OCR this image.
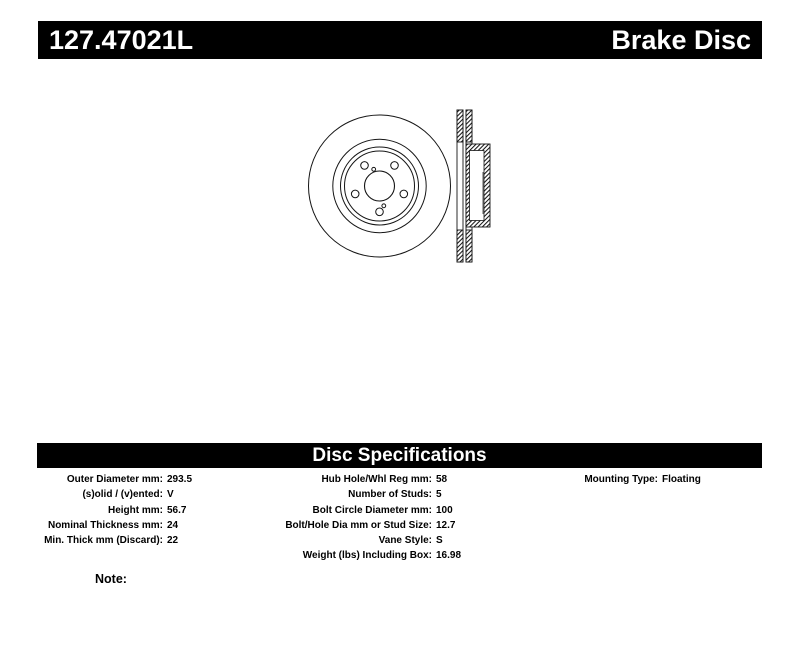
127.47021L	Brake Disc
Disc Specifications
Outer Diameter mm: 293.5
(s)olid / (v)ented: V
Height mm: 56.7
Nominal Thickness mm: 24
Min. Thick mm (Discard): 22
Hub Hole/Whl Reg mm: 58
Number of Studs: 5
Bolt Circle Diameter mm: 100
Bolt/Hole Dia mm or Stud Size: 12.7
Vane Style: S
Weight (lbs) Including Box: 16.98
Mounting Type: Floating
Note:
